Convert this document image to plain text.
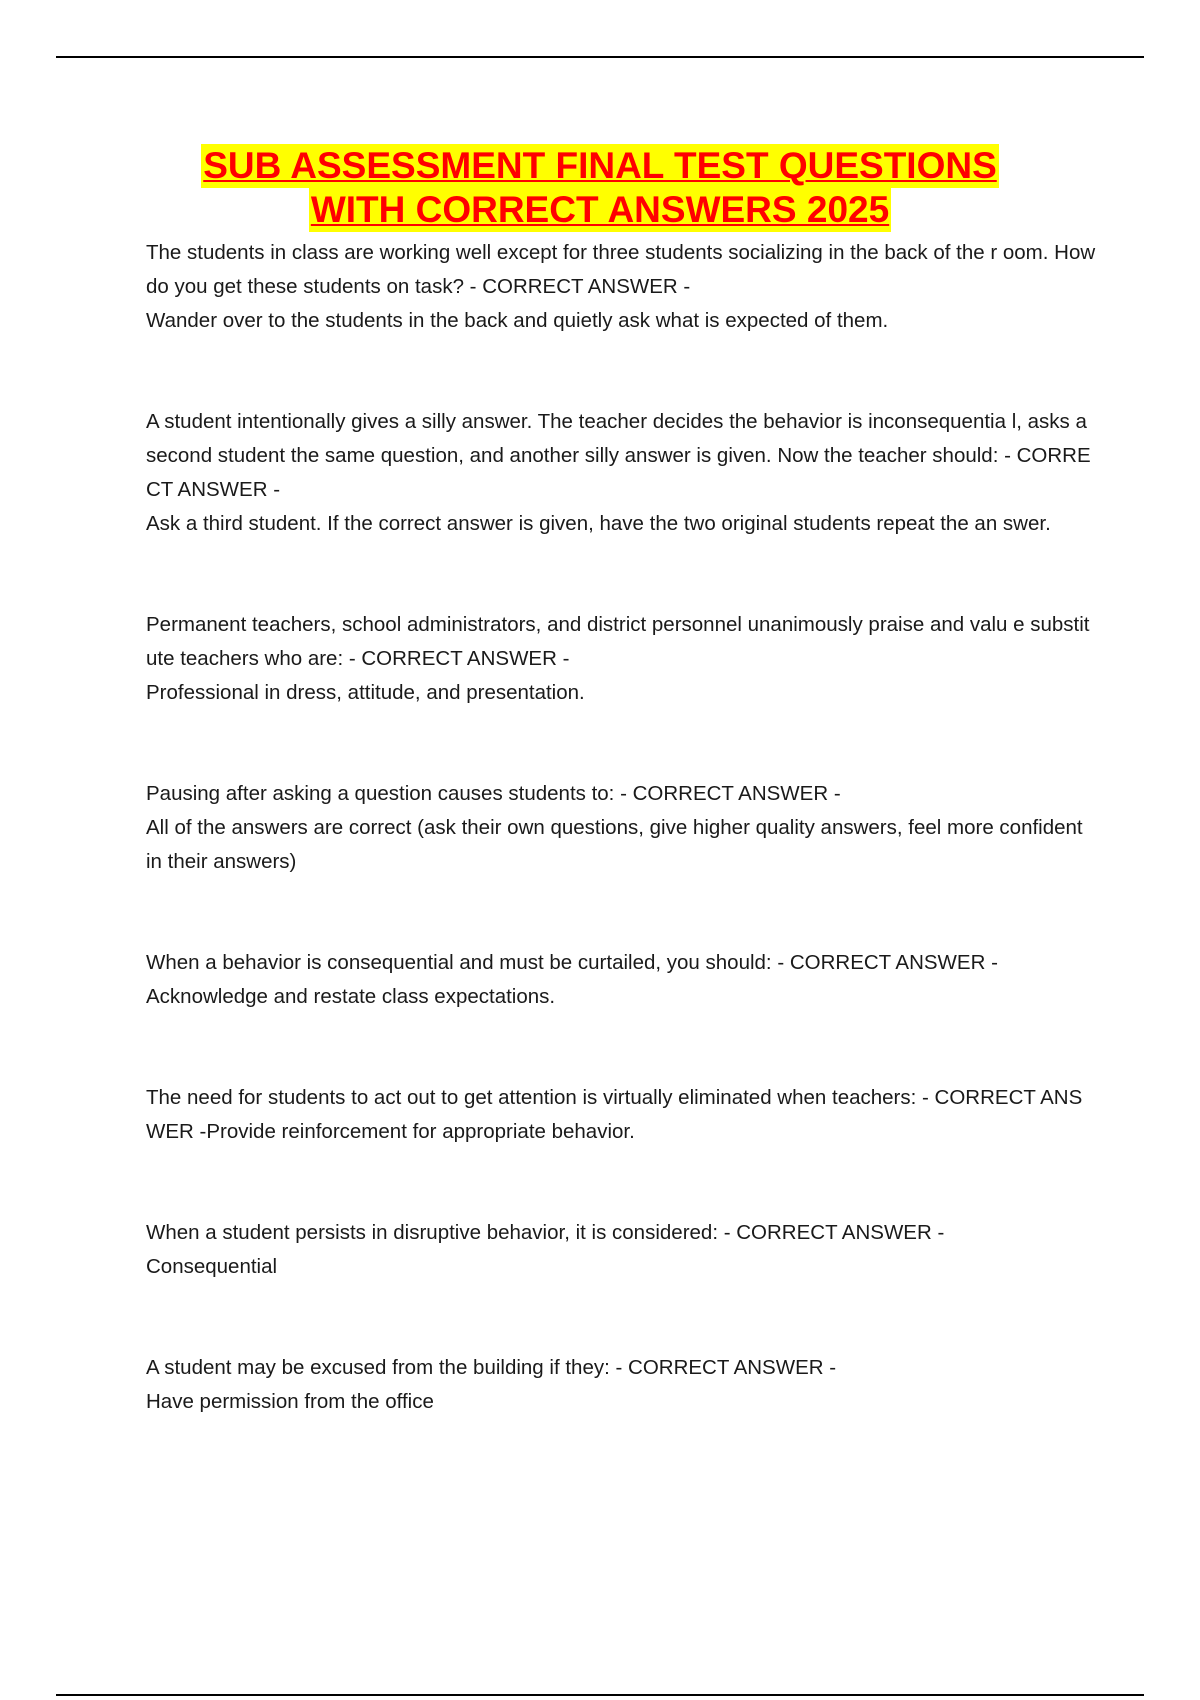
SUB ASSESSMENT FINAL TEST QUESTIONS
WITH CORRECT ANSWERS 2025

The students in class are working well except for three students socializing in the back of the r oom. How do you get these students on task? - CORRECT ANSWER -

Wander over to the students in the back and quietly ask what is expected of them.

A student intentionally gives a silly answer. The teacher decides the behavior is inconsequentia l, asks a second student the same question, and another silly answer is given. Now the teacher should: - CORRECT ANSWER -

Ask a third student. If the correct answer is given, have the two original students repeat the an swer.

Permanent teachers, school administrators, and district personnel unanimously praise and valu e substitute teachers who are: - CORRECT ANSWER -

Professional in dress, attitude, and presentation.

Pausing after asking a question causes students to: - CORRECT ANSWER -

All of the answers are correct (ask their own questions, give higher quality answers, feel more confident in their answers)

When a behavior is consequential and must be curtailed, you should: - CORRECT ANSWER -

Acknowledge and restate class expectations.

The need for students to act out to get attention is virtually eliminated when teachers: - CORRECT ANSWER -Provide reinforcement for appropriate behavior.

When a student persists in disruptive behavior, it is considered: - CORRECT ANSWER -

Consequential

A student may be excused from the building if they: - CORRECT ANSWER -

Have permission from the office
